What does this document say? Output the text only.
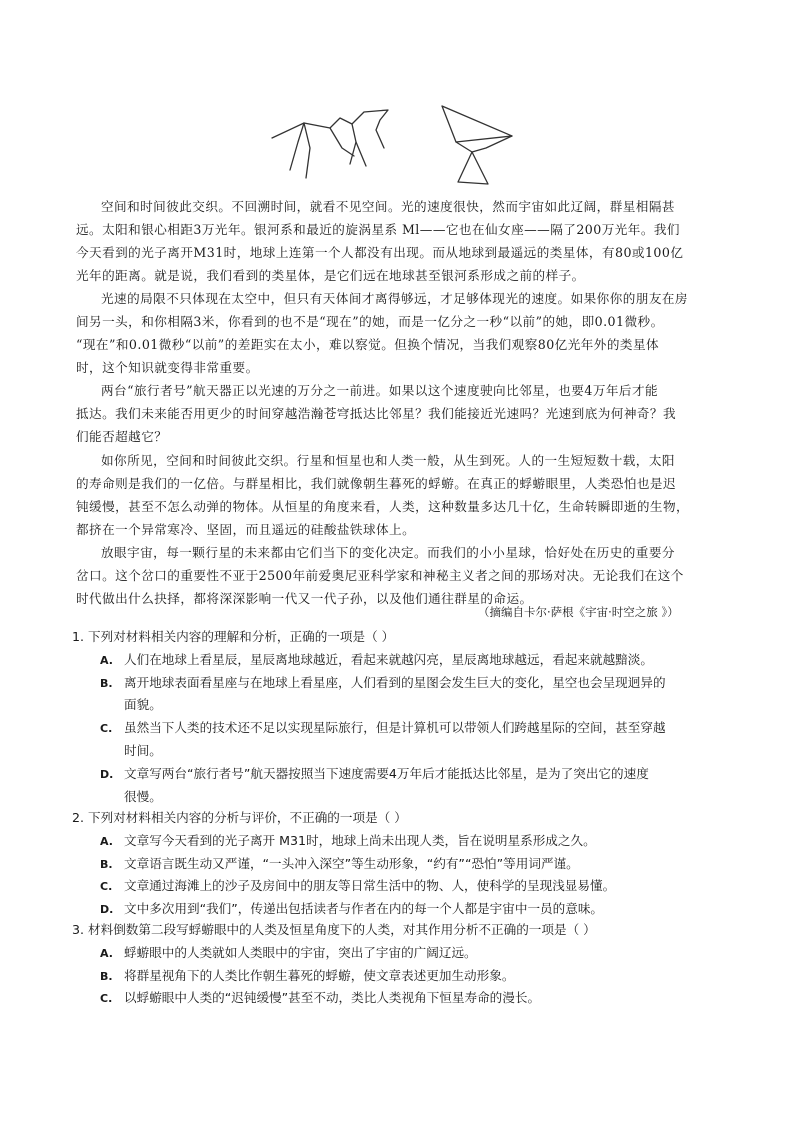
空间和时间彼此交织。不回溯时间，就看不见空间。光的速度很快，然而宇宙如此辽阔，群星相隔甚
远。太阳和银心相距3万光年。银河系和最近的旋涡星系 Ml——它也在仙女座——隔了200万光年。我们
今天看到的光子离开M31时，地球上连第一个人都没有出现。而从地球到最遥远的类星体，有80或100亿
光年的距离。就是说，我们看到的类星体，是它们远在地球甚至银河系形成之前的样子。
光速的局限不只体现在太空中，但只有天体间才离得够远，才足够体现光的速度。如果你你的朋友在房
间另一头，和你相隔3米，你看到的也不是“现在”的她，而是一亿分之一秒“以前”的她，即0.01微秒。
“现在”和0.01微秒“以前”的差距实在太小，难以察觉。但换个情况，当我们观察80亿光年外的类星体
时，这个知识就变得非常重要。
两台“旅行者号”航天器正以光速的万分之一前进。如果以这个速度驶向比邻星，也要4万年后才能
抵达。我们未来能否用更少的时间穿越浩瀚苍穹抵达比邻星？我们能接近光速吗？光速到底为何神奇？我
们能否超越它？
如你所见，空间和时间彼此交织。行星和恒星也和人类一般，从生到死。人的一生短短数十载，太阳
的寿命则是我们的一亿倍。与群星相比，我们就像朝生暮死的蜉蝣。在真正的蜉蝣眼里，人类恐怕也是迟
钝缓慢，甚至不怎么动弹的物体。从恒星的角度来看，人类，这种数量多达几十亿，生命转瞬即逝的生物，
都挤在一个异常寒冷、坚固，而且遥远的硅酸盐铁球体上。
放眼宇宙，每一颗行星的未来都由它们当下的变化决定。而我们的小小星球，恰好处在历史的重要分
岔口。这个岔口的重要性不亚于2500年前爱奥尼亚科学家和神秘主义者之间的那场对决。无论我们在这个
时代做出什么抉择，都将深深影响一代又一代子孙，以及他们通往群星的命运。
（摘编自卡尔·萨根《宇宙·时空之旅 》）
1. 下列对材料相关内容的理解和分析，正确的一项是（ ）
A. 人们在地球上看星辰，星辰离地球越近，看起来就越闪亮，星辰离地球越远，看起来就越黯淡。
B. 离开地球表面看星座与在地球上看星座，人们看到的星图会发生巨大的变化，星空也会呈现迥异的
面貌。
C. 虽然当下人类的技术还不足以实现星际旅行，但是计算机可以带领人们跨越星际的空间，甚至穿越
时间。
D. 文章写两台“旅行者号”航天器按照当下速度需要4万年后才能抵达比邻星，是为了突出它的速度
很慢。
2. 下列对材料相关内容的分析与评价，不正确的一项是（ ）
A. 文章写今天看到的光子离开 M31时，地球上尚未出现人类，旨在说明星系形成之久。
B. 文章语言既生动又严谨，“一头冲入深空”等生动形象，“约有”“恐怕”等用词严谨。
C. 文章通过海滩上的沙子及房间中的朋友等日常生活中的物、人，使科学的呈现浅显易懂。
D. 文中多次用到“我们”，传递出包括读者与作者在内的每一个人都是宇宙中一员的意味。
3. 材料倒数第二段写蜉蝣眼中的人类及恒星角度下的人类，对其作用分析不正确的一项是（ ）
A. 蜉蝣眼中的人类就如人类眼中的宇宙，突出了宇宙的广阔辽远。
B. 将群星视角下的人类比作朝生暮死的蜉蝣，使文章表述更加生动形象。
C. 以蜉蝣眼中人类的“迟钝缓慢”甚至不动，类比人类视角下恒星寿命的漫长。
